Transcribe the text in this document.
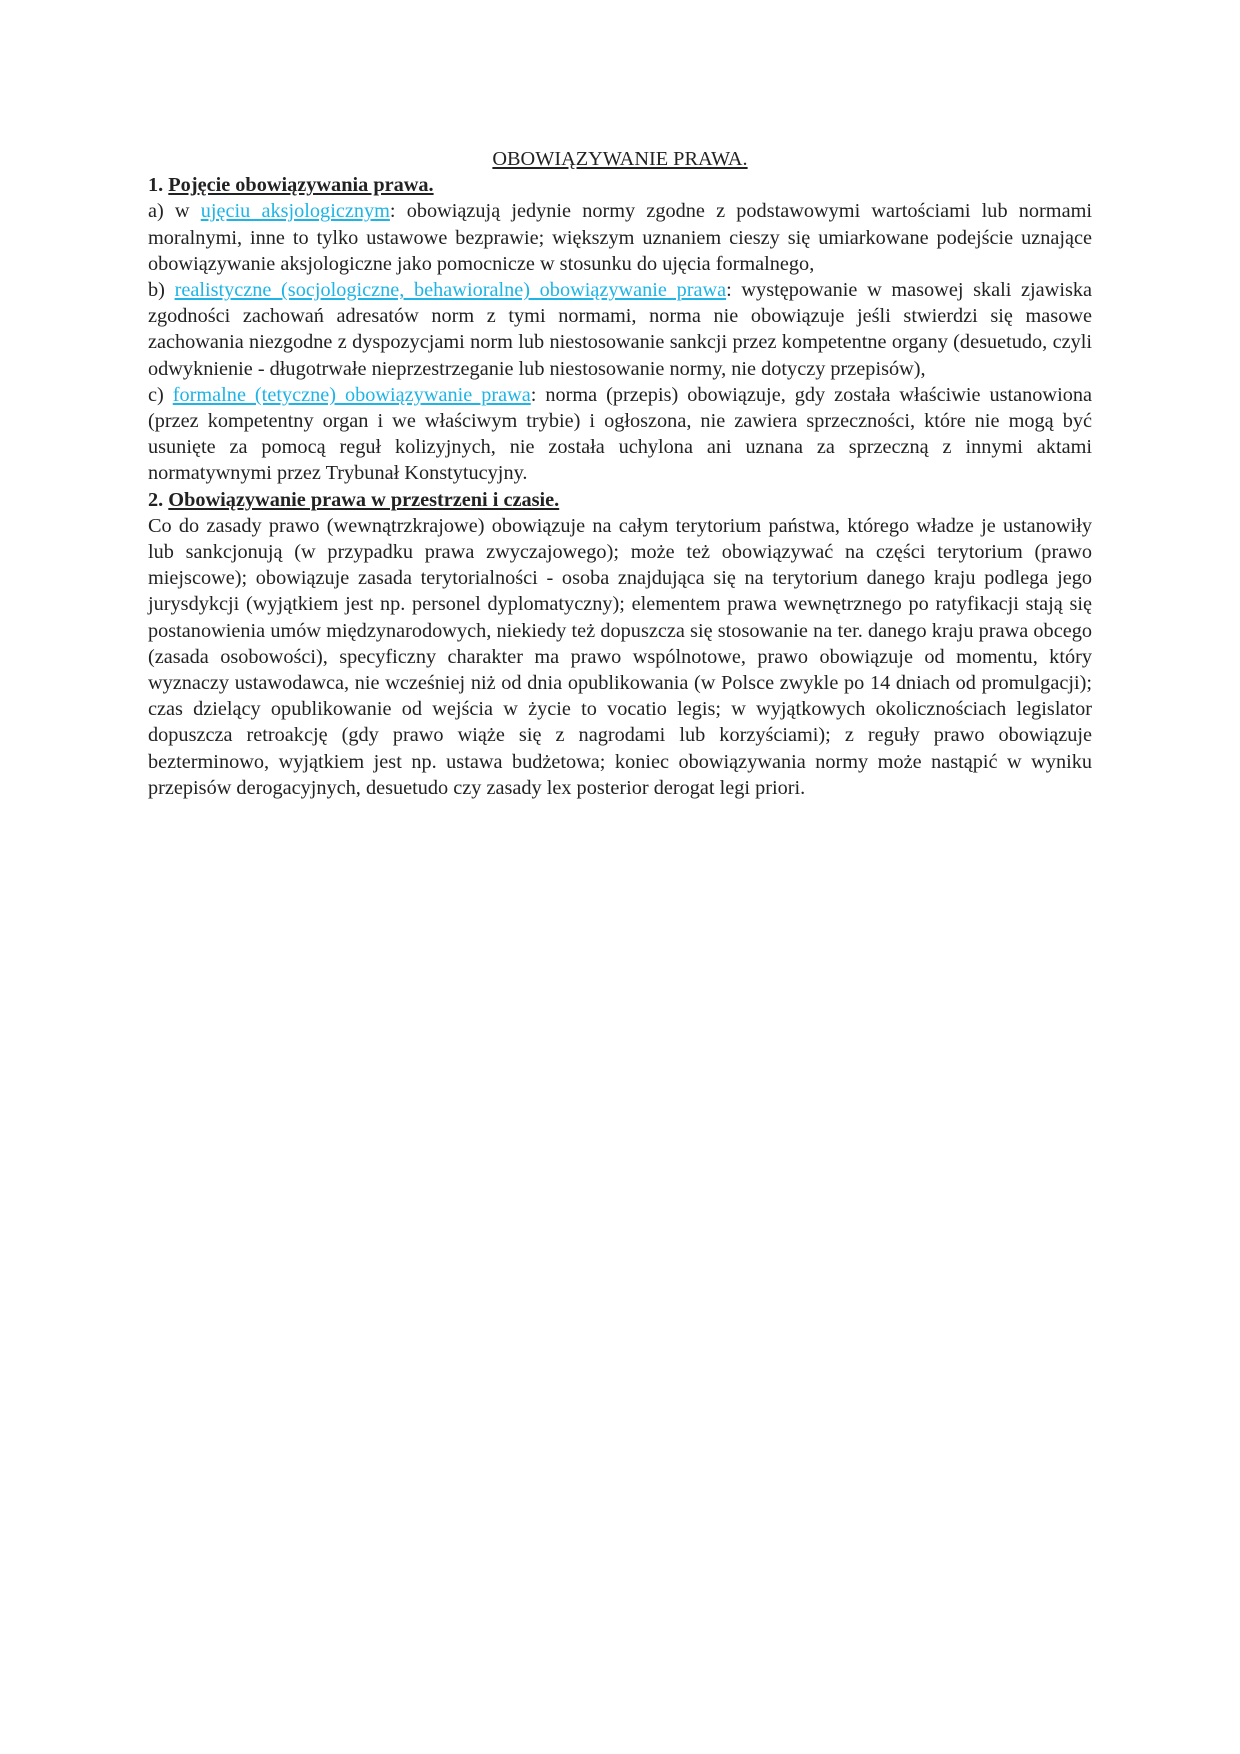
OBOWIĄZYWANIE PRAWA.
1. Pojęcie obowiązywania prawa.

a) w ujęciu aksjologicznym: obowiązują jedynie normy zgodne z podstawowymi wartościami lub normami moralnymi, inne to tylko ustawowe bezprawie; większym uznaniem cieszy się umiarkowane podejście uznające obowiązywanie aksjologiczne jako pomocnicze w stosunku do ujęcia formalnego,

b) realistyczne (socjologiczne, behawioralne) obowiązywanie prawa: występowanie w masowej skali zjawiska zgodności zachowań adresatów norm z tymi normami, norma nie obowiązuje jeśli stwierdzi się masowe zachowania niezgodne z dyspozycjami norm lub niestosowanie sankcji przez kompetentne organy (desuetudo, czyli odwyknienie - długotrwałe nieprzestrzeganie lub niestosowanie normy, nie dotyczy przepisów),

c) formalne (tetyczne) obowiązywanie prawa: norma (przepis) obowiązuje, gdy została właściwie ustanowiona (przez kompetentny organ i we właściwym trybie) i ogłoszona, nie zawiera sprzeczności, które nie mogą być usunięte za pomocą reguł kolizyjnych, nie została uchylona ani uznana za sprzeczną z innymi aktami normatywnymi przez Trybunał Konstytucyjny.

2. Obowiązywanie prawa w przestrzeni i czasie.

Co do zasady prawo (wewnątrzkrajowe) obowiązuje na całym terytorium państwa, którego władze je ustanowiły lub sankcjonują (w przypadku prawa zwyczajowego); może też obowiązywać na części terytorium (prawo miejscowe); obowiązuje zasada terytorialności - osoba znajdująca się na terytorium danego kraju podlega jego jurysdykcji (wyjątkiem jest np. personel dyplomatyczny); elementem prawa wewnętrznego po ratyfikacji stają się postanowienia umów międzynarodowych, niekiedy też dopuszcza się stosowanie na ter. danego kraju prawa obcego (zasada osobowości), specyficzny charakter ma prawo wspólnotowe, prawo obowiązuje od momentu, który wyznaczy ustawodawca, nie wcześniej niż od dnia opublikowania (w Polsce zwykle po 14 dniach od promulgacji); czas dzielący opublikowanie od wejścia w życie to vocatio legis; w wyjątkowych okolicznościach legislator dopuszcza retroakcję (gdy prawo wiąże się z nagrodami lub korzyściami); z reguły prawo obowiązuje bezterminowo, wyjątkiem jest np. ustawa budżetowa; koniec obowiązywania normy może nastąpić w wyniku przepisów derogacyjnych, desuetudo czy zasady lex posterior derogat legi priori.
